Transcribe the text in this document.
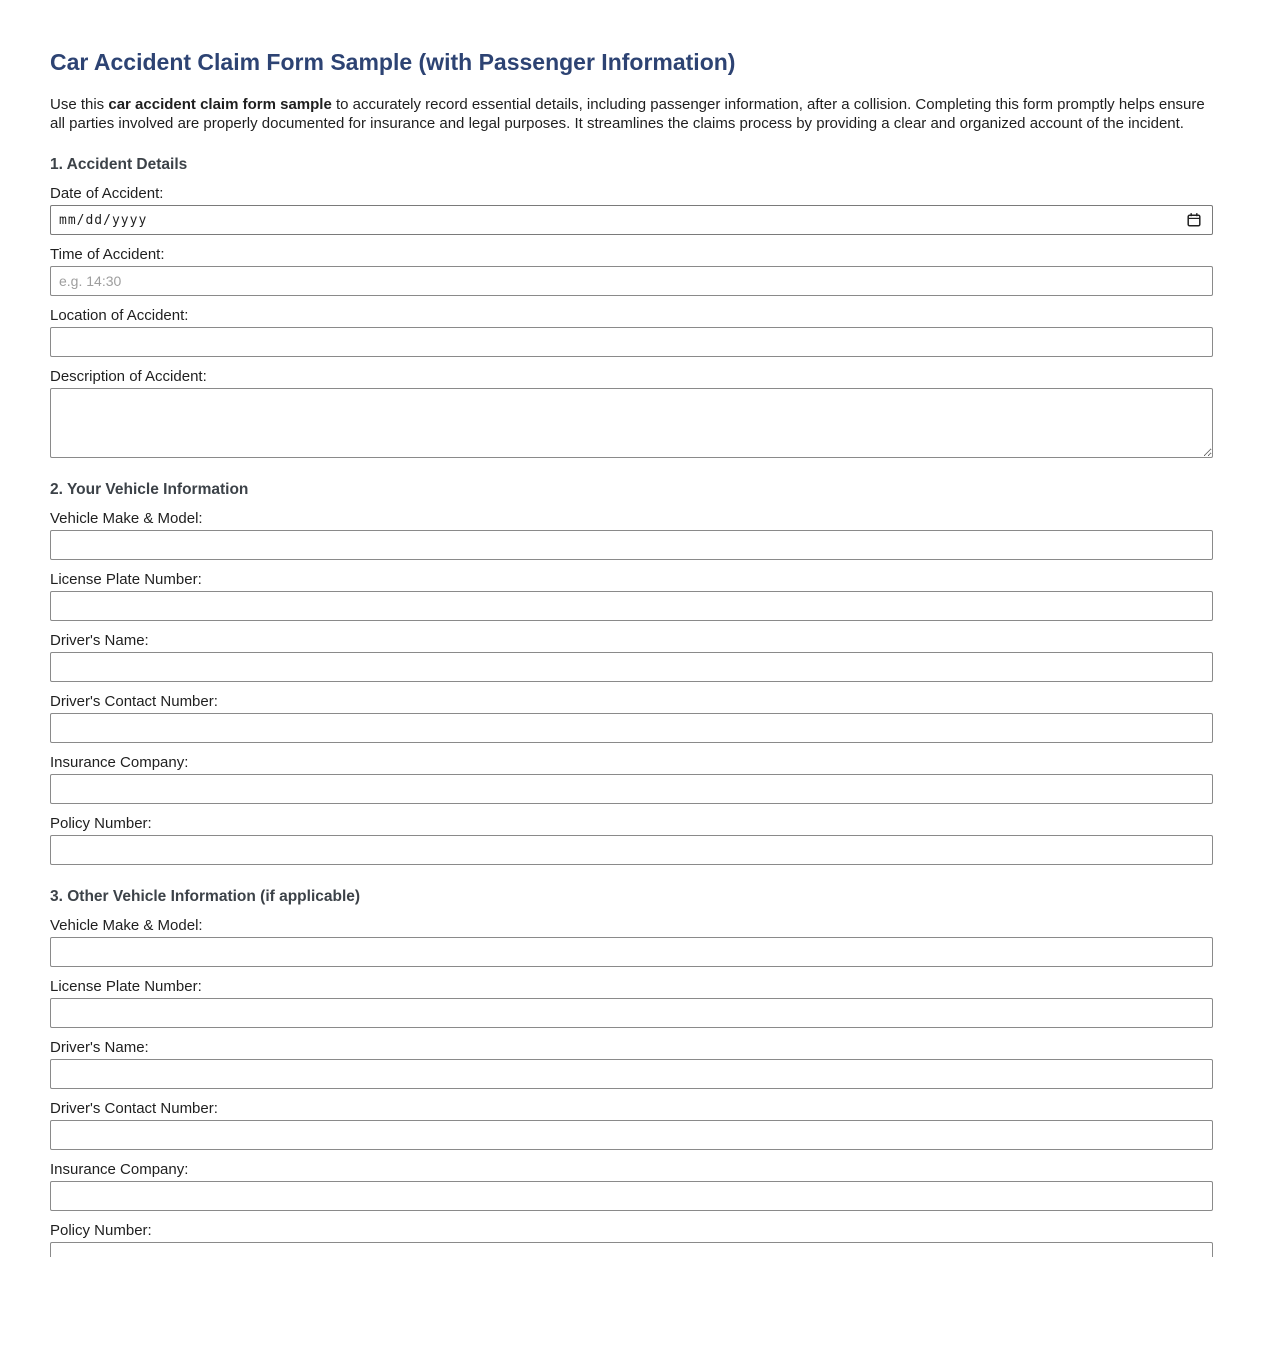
Car Accident Claim Form Sample (with Passenger Information)

Use this car accident claim form sample to accurately record essential details, including passenger information, after a collision. Completing this form promptly helps ensure all parties involved are properly documented for insurance and legal purposes. It streamlines the claims process by providing a clear and organized account of the incident.

1. Accident Details
Date of Accident:
mm/dd/yyyy
Time of Accident:
e.g. 14:30
Location of Accident:
Description of Accident:
2. Your Vehicle Information
Vehicle Make & Model:
License Plate Number:
Driver's Name:
Driver's Contact Number:
Insurance Company:
Policy Number:
3. Other Vehicle Information (if applicable)
Vehicle Make & Model:
License Plate Number:
Driver's Name:
Driver's Contact Number:
Insurance Company:
Policy Number:
